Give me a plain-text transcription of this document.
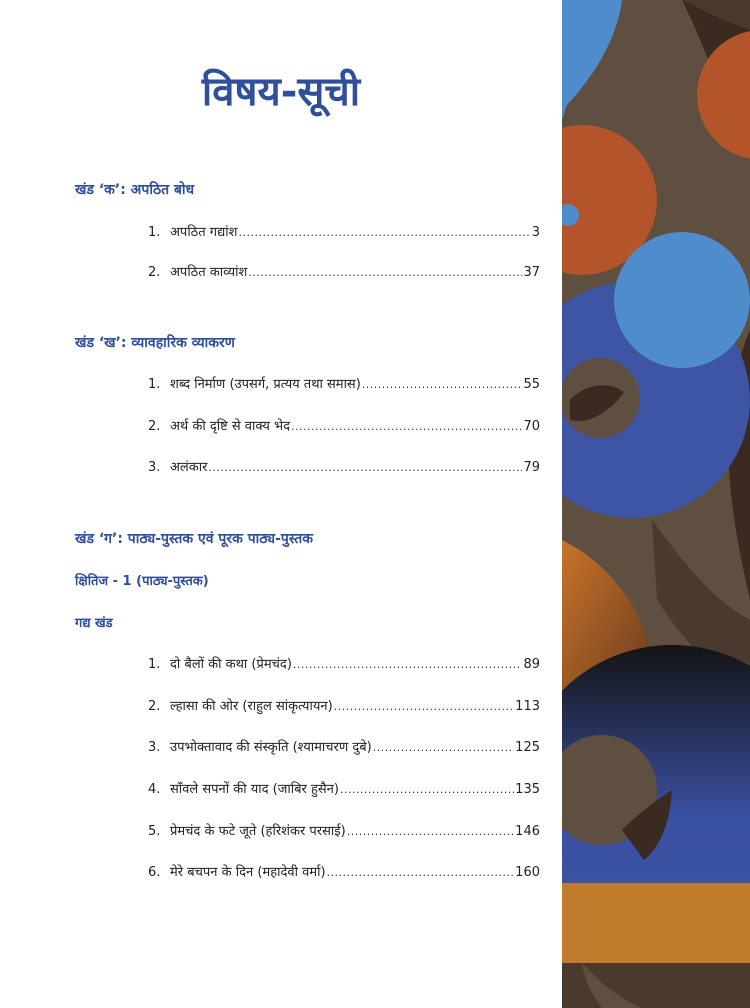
विषय-सूची
खंड ‘क’: अपठित बोध
1. अपठित गद्यांश .....	3
2. अपठित काव्यांश .....	37
खंड ‘ख’: व्यावहारिक व्याकरण
1. शब्द निर्माण (उपसर्ग, प्रत्यय तथा समास) .....	55
2. अर्थ की दृष्टि से वाक्य भेद .....	70
3. अलंकार .....	79
खंड ‘ग’: पाठ्य-पुस्तक एवं पूरक पाठ्य-पुस्तक
क्षितिज - 1 (पाठ्य-पुस्तक)
गद्य खंड
1. दो बैलों की कथा (प्रेमचंद) .....	89
2. ल्हासा की ओर (राहुल सांकृत्यायन) .....	113
3. उपभोक्तावाद की संस्कृति (श्यामाचरण दुबे) .....	125
4. साँवले सपनों की याद (जाबिर हुसैन) .....	135
5. प्रेमचंद के फटे जूते (हरिशंकर परसाई) .....	146
6. मेरे बचपन के दिन (महादेवी वर्मा) .....	160
